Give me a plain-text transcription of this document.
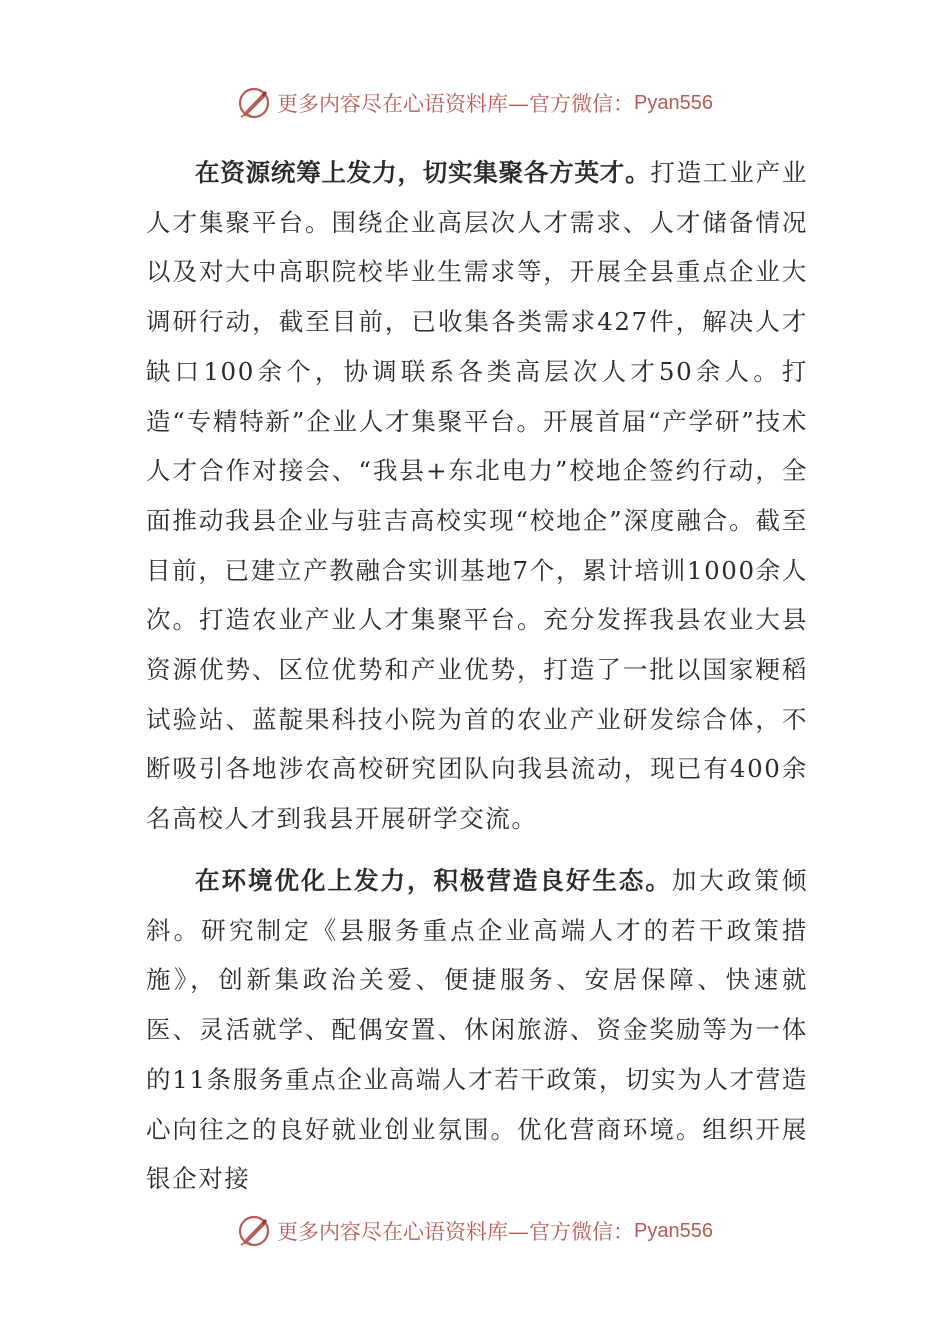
更多内容尽在心语资料库—官方微信： Pyan556

在资源统筹上发力，切实集聚各方英才。打造工业产业人才集聚平台。围绕企业高层次人才需求、人才储备情况以及对大中高职院校毕业生需求等，开展全县重点企业大调研行动，截至目前，已收集各类需求427件，解决人才缺口100余个，协调联系各类高层次人才50余人。打造“专精特新”企业人才集聚平台。开展首届“产学研”技术人才合作对接会、“我县+东北电力”校地企签约行动，全面推动我县企业与驻吉高校实现“校地企”深度融合。截至目前，已建立产教融合实训基地7个，累计培训1000余人次。打造农业产业人才集聚平台。充分发挥我县农业大县资源优势、区位优势和产业优势，打造了一批以国家粳稻试验站、蓝靛果科技小院为首的农业产业研发综合体，不断吸引各地涉农高校研究团队向我县流动，现已有400余名高校人才到我县开展研学交流。

在环境优化上发力，积极营造良好生态。加大政策倾斜。研究制定《县服务重点企业高端人才的若干政策措施》，创新集政治关爱、便捷服务、安居保障、快速就医、灵活就学、配偶安置、休闲旅游、资金奖励等为一体的11条服务重点企业高端人才若干政策，切实为人才营造心向往之的良好就业创业氛围。优化营商环境。组织开展银企对接

更多内容尽在心语资料库—官方微信： Pyan556
